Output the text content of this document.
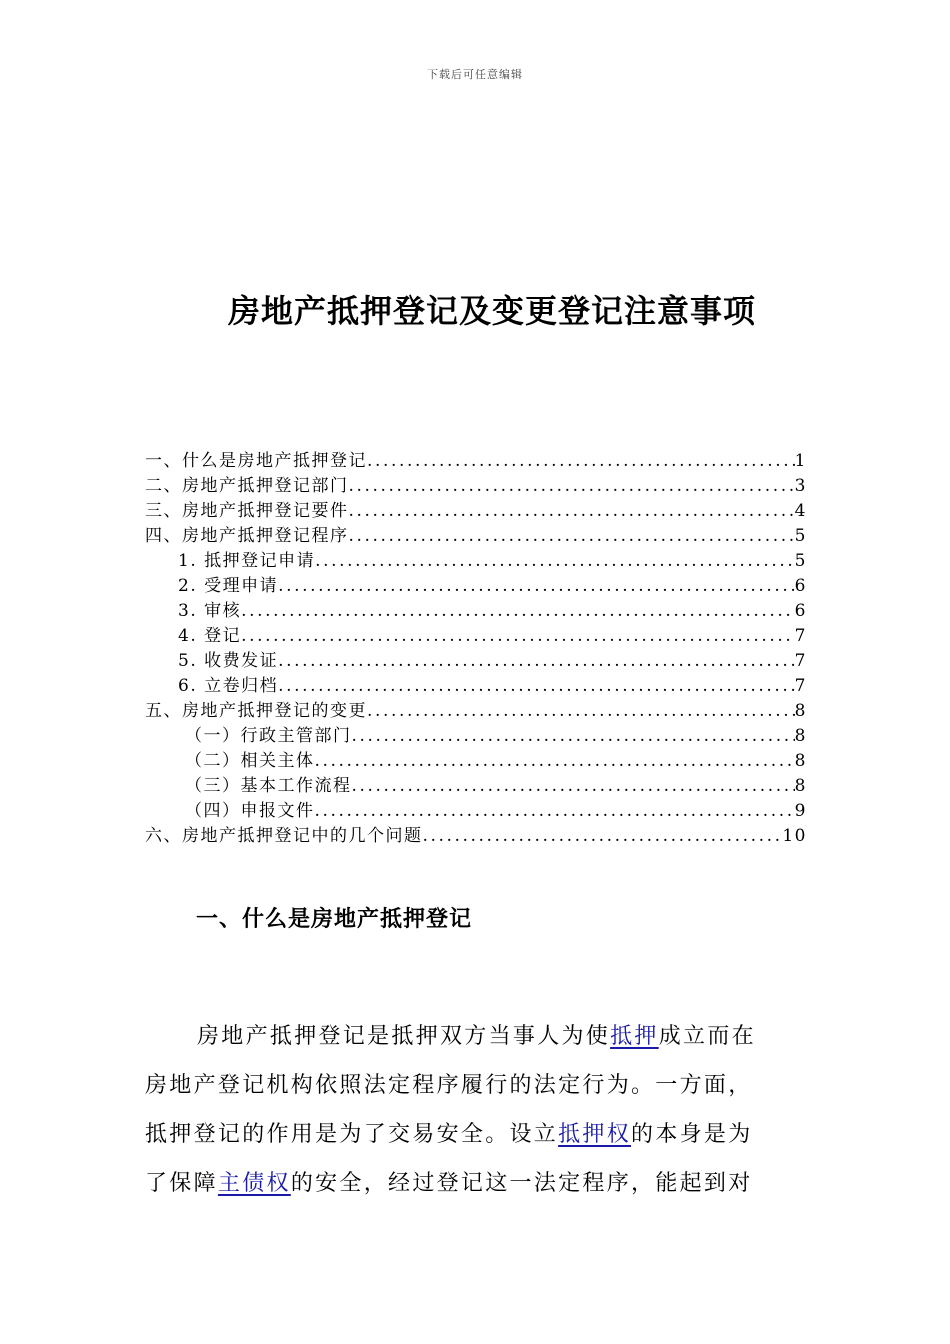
下载后可任意编辑
房地产抵押登记及变更登记注意事项
一、什么是房地产抵押登记 .....	1
二、房地产抵押登记部门 .....	3
三、房地产抵押登记要件 .....	4
四、房地产抵押登记程序 .....	5
1. 抵押登记申请 .....	5
2. 受理申请 .....	6
3. 审核 .....	6
4. 登记 .....	7
5. 收费发证 .....	7
6. 立卷归档 .....	7
五、房地产抵押登记的变更 .....	8
（一）行政主管部门 .....	8
（二）相关主体 .....	8
（三）基本工作流程 .....	8
（四）申报文件 .....	9
六、房地产抵押登记中的几个问题 .....	10
一、什么是房地产抵押登记
房地产抵押登记是抵押双方当事人为使抵押成立而在
房地产登记机构依照法定程序履行的法定行为。一方面，
抵押登记的作用是为了交易安全。设立抵押权的本身是为
了保障主债权的安全，经过登记这一法定程序，能起到对
